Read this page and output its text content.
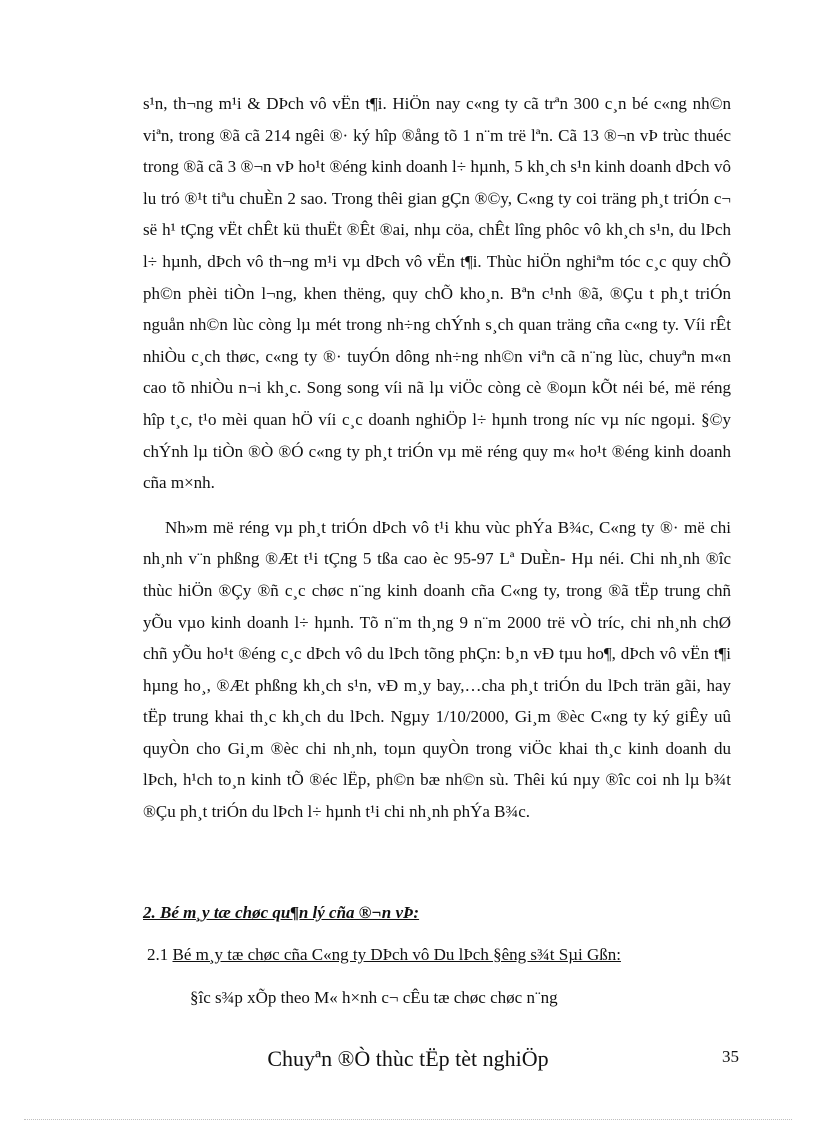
s¹n, th¬ng m¹i & DÞch vô vËn t¶i. HiÖn nay c«ng ty cã trªn 300 c¸n bé c«ng nh©n viªn, trong ®ã cã 214 ngêi ®· ký hîp ®ång tõ 1 n¨m trë lªn. Cã 13 ®¬n vÞ trùc thuéc trong ®ã cã 3 ®¬n vÞ ho¹t ®éng kinh doanh l÷ hµnh, 5 kh¸ch s¹n kinh doanh dÞch vô lu tró ®¹t tiªu chuÈn 2 sao. Trong thêi gian gÇn ®©y, C«ng ty coi träng ph¸t triÓn c¬ së h¹ tÇng vËt chÊt kü thuËt ®Êt ®ai, nhµ cöa, chÊt lîng phôc vô kh¸ch s¹n, du lÞch l÷ hµnh, dÞch vô th¬ng m¹i vµ dÞch vô vËn t¶i. Thùc hiÖn nghiªm tóc c¸c quy chÕ ph©n phèi tiÒn l¬ng, khen thëng, quy chÕ kho¸n. Bªn c¹nh ®ã, ®Çu t ph¸t triÓn nguån nh©n lùc còng lµ mét trong nh÷ng chÝnh s¸ch quan träng cña c«ng ty. Víi rÊt nhiÒu c¸ch thøc, c«ng ty ®· tuyÓn dông nh÷ng nh©n viªn cã n¨ng lùc, chuyªn m«n cao tõ nhiÒu n¬i kh¸c. Song song víi nã lµ viÖc còng cè ®oµn kÕt néi bé, më réng hîp t¸c, t¹o mèi quan hÖ víi c¸c doanh nghiÖp l÷ hµnh trong níc vµ níc ngoµi. §©y chÝnh lµ tiÒn ®Ò ®Ó c«ng ty ph¸t triÓn vµ më réng quy m« ho¹t ®éng kinh doanh cña m×nh.

Nh»m më réng vµ ph¸t triÓn dÞch vô t¹i khu vùc phÝa B¾c, C«ng ty ®· më chi nh¸nh v¨n phßng ®Æt t¹i tÇng 5 tßa cao èc 95-97 Lª DuÈn- Hµ néi. Chi nh¸nh ®îc thùc hiÖn ®Çy ®ñ c¸c chøc n¨ng kinh doanh cña C«ng ty, trong ®ã tËp trung chñ yÕu vµo kinh doanh l÷ hµnh. Tõ n¨m th¸ng 9 n¨m 2000 trë vÒ tríc, chi nh¸nh chØ chñ yÕu ho¹t ®éng c¸c dÞch vô du lÞch tõng phÇn: b¸n vÐ tµu ho¶, dÞch vô vËn t¶i hµng ho¸, ®Æt phßng kh¸ch s¹n, vÐ m¸y bay,…cha ph¸t triÓn du lÞch trän gãi, hay tËp trung khai th¸c kh¸ch du lÞch. Ngµy 1/10/2000, Gi¸m ®èc C«ng ty ký giÊy uû quyÒn cho Gi¸m ®èc chi nh¸nh, toµn quyÒn trong viÖc khai th¸c kinh doanh du lÞch, h¹ch to¸n kinh tÕ ®éc lËp, ph©n bæ nh©n sù. Thêi kú nµy ®îc coi nh lµ b¾t ®Çu ph¸t triÓn du lÞch l÷ hµnh t¹i chi nh¸nh phÝa B¾c.

2. Bé m¸y tæ chøc qu¶n lý cña ®¬n vÞ:
2.1 Bé m¸y tæ chøc cña C«ng ty DÞch vô Du lÞch §êng s¾t Sµi Gßn:
§îc s¾p xÕp theo M« h×nh c¬ cÊu tæ chøc chøc n¨ng
Chuyªn ®Ò thùc tËp tèt nghiÖp	35
